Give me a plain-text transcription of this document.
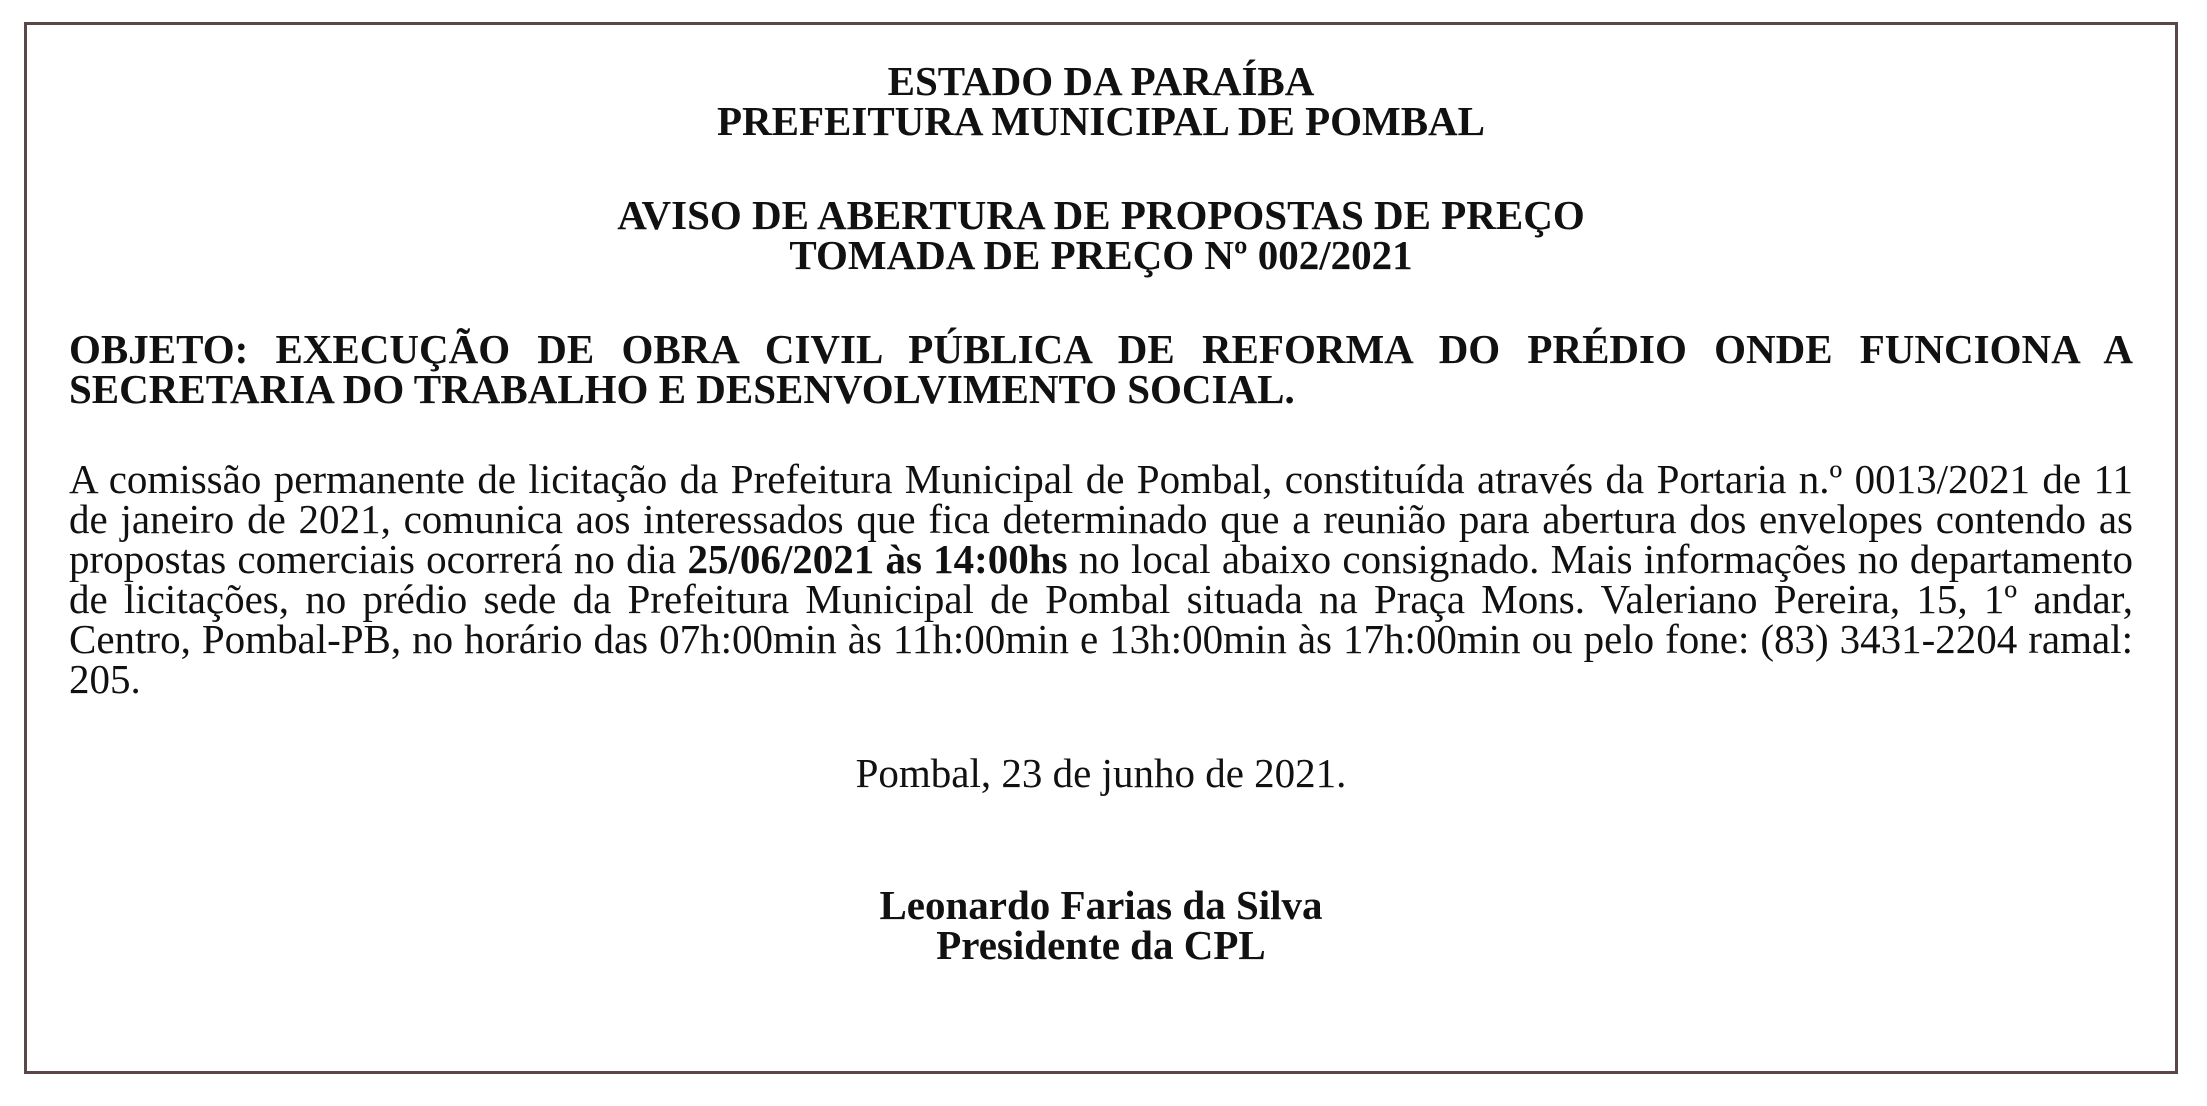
ESTADO DA PARAÍBA
PREFEITURA MUNICIPAL DE POMBAL
AVISO DE ABERTURA DE PROPOSTAS DE PREÇO
TOMADA DE PREÇO Nº 002/2021
OBJETO: EXECUÇÃO DE OBRA CIVIL PÚBLICA DE REFORMA DO PRÉDIO ONDE FUNCIONA A SECRETARIA DO TRABALHO E DESENVOLVIMENTO SOCIAL.
A comissão permanente de licitação da Prefeitura Municipal de Pombal, constituída através da Portaria n.º 0013/2021 de 11 de janeiro de 2021, comunica aos interessados que fica determinado que a reunião para abertura dos envelopes contendo as propostas comerciais ocorrerá no dia 25/06/2021 às 14:00hs no local abaixo consignado. Mais informações no departamento de licitações, no prédio sede da Prefeitura Municipal de Pombal situada na Praça Mons. Valeriano Pereira, 15, 1º andar, Centro, Pombal-PB, no horário das 07h:00min às 11h:00min e 13h:00min às 17h:00min ou pelo fone: (83) 3431-2204 ramal: 205.
Pombal, 23 de junho de 2021.
Leonardo Farias da Silva
Presidente da CPL
